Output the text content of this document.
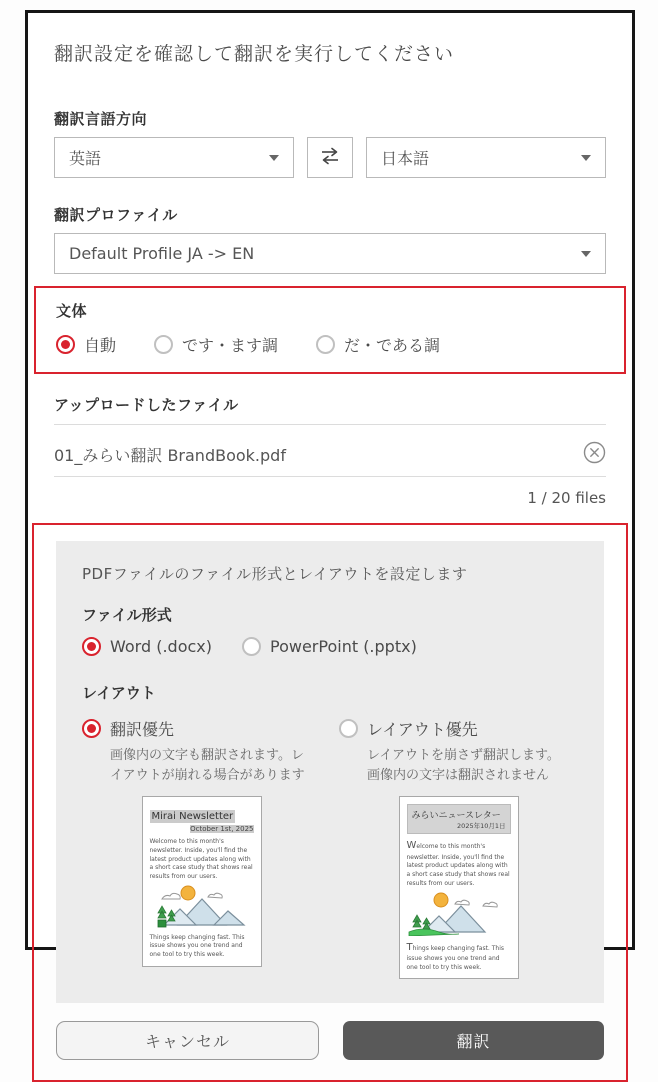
翻訳設定を確認して翻訳を実行してください
翻訳言語方向
英語	日本語
翻訳プロファイル
Default Profile JA -> EN
文体
自動	です・ます調	だ・である調
アップロードしたファイル
01_みらい翻訳 BrandBook.pdf
1 / 20 files
PDFファイルのファイル形式とレイアウトを設定します
ファイル形式
Word (.docx)	PowerPoint (.pptx)
レイアウト
翻訳優先
画像内の文字も翻訳されます。レ
イアウトが崩れる場合があります
Mirai Newsletter
October 1st, 2025
Welcome to this month's newsletter. Inside, you'll find the latest product updates along with a short case study that shows real results from our users.
Things keep changing fast. This issue shows you one trend and one tool to try this week.
レイアウト優先
レイアウトを崩さず翻訳します。
画像内の文字は翻訳されません
みらいニュースレター
2025年10月1日
Welcome to this month's newsletter. Inside, you'll find the latest product updates along with a short case study that shows real results from our users.
Things keep changing fast. This issue shows you one trend and one tool to try this week.
キャンセル	翻訳
